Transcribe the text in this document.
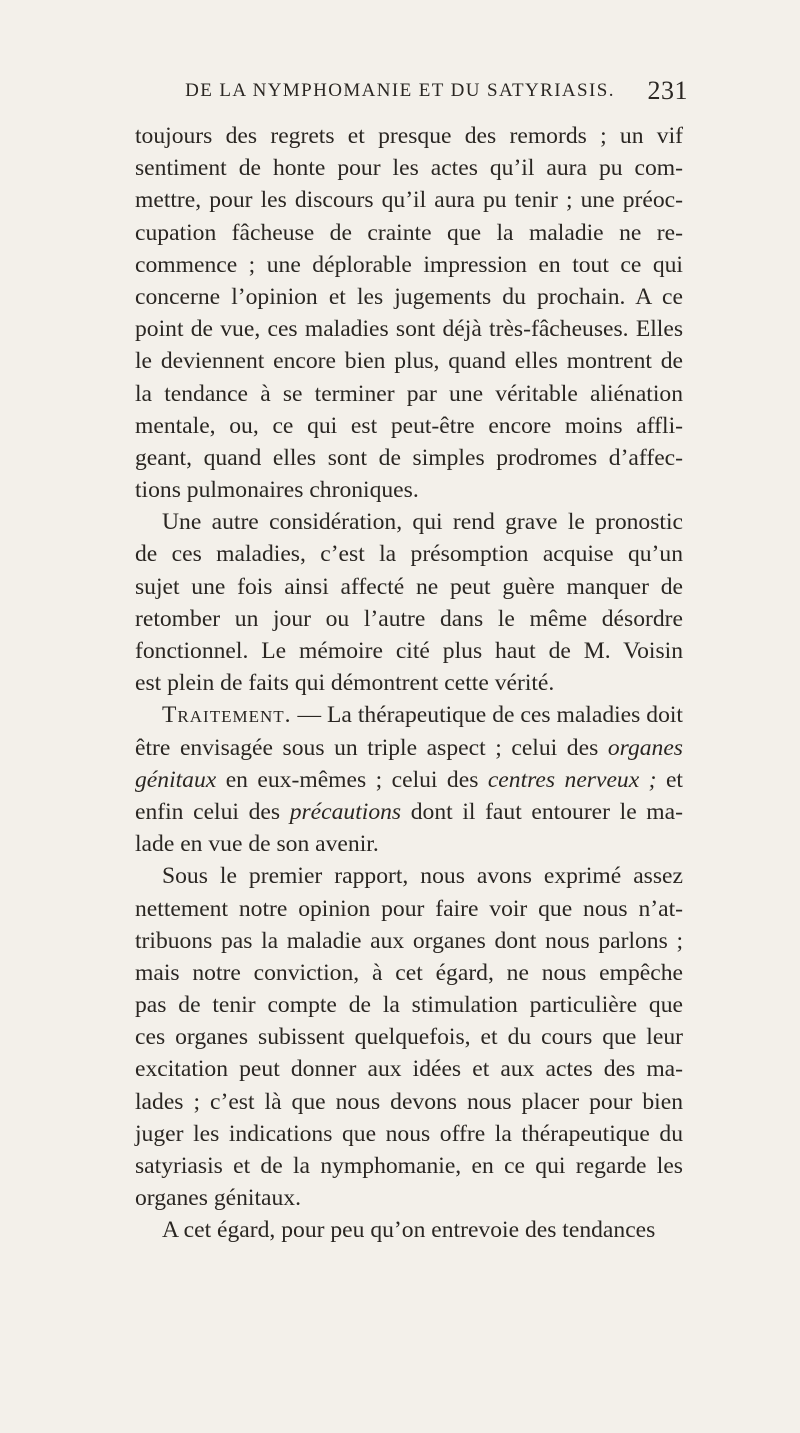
DE LA NYMPHOMANIE ET DU SATYRIASIS.	231
toujours des regrets et presque des remords ; un vif
sentiment de honte pour les actes qu’il aura pu com-
mettre, pour les discours qu’il aura pu tenir ; une préoc-
cupation fâcheuse de crainte que la maladie ne re-
commence ; une déplorable impression en tout ce qui
concerne l’opinion et les jugements du prochain. A ce
point de vue, ces maladies sont déjà très-fâcheuses. Elles
le deviennent encore bien plus, quand elles montrent de
la tendance à se terminer par une véritable aliénation
mentale, ou, ce qui est peut-être encore moins affli-
geant, quand elles sont de simples prodromes d’affec-
tions pulmonaires chroniques.
Une autre considération, qui rend grave le pronostic
de ces maladies, c’est la présomption acquise qu’un
sujet une fois ainsi affecté ne peut guère manquer de
retomber un jour ou l’autre dans le même désordre
fonctionnel. Le mémoire cité plus haut de M. Voisin
est plein de faits qui démontrent cette vérité.
Traitement. — La thérapeutique de ces maladies doit
être envisagée sous un triple aspect ; celui des organes
génitaux en eux-mêmes ; celui des centres nerveux ; et
enfin celui des précautions dont il faut entourer le ma-
lade en vue de son avenir.
Sous le premier rapport, nous avons exprimé assez
nettement notre opinion pour faire voir que nous n’at-
tribuons pas la maladie aux organes dont nous parlons ;
mais notre conviction, à cet égard, ne nous empêche
pas de tenir compte de la stimulation particulière que
ces organes subissent quelquefois, et du cours que leur
excitation peut donner aux idées et aux actes des ma-
lades ; c’est là que nous devons nous placer pour bien
juger les indications que nous offre la thérapeutique du
satyriasis et de la nymphomanie, en ce qui regarde les
organes génitaux.
A cet égard, pour peu qu’on entrevoie des tendances
